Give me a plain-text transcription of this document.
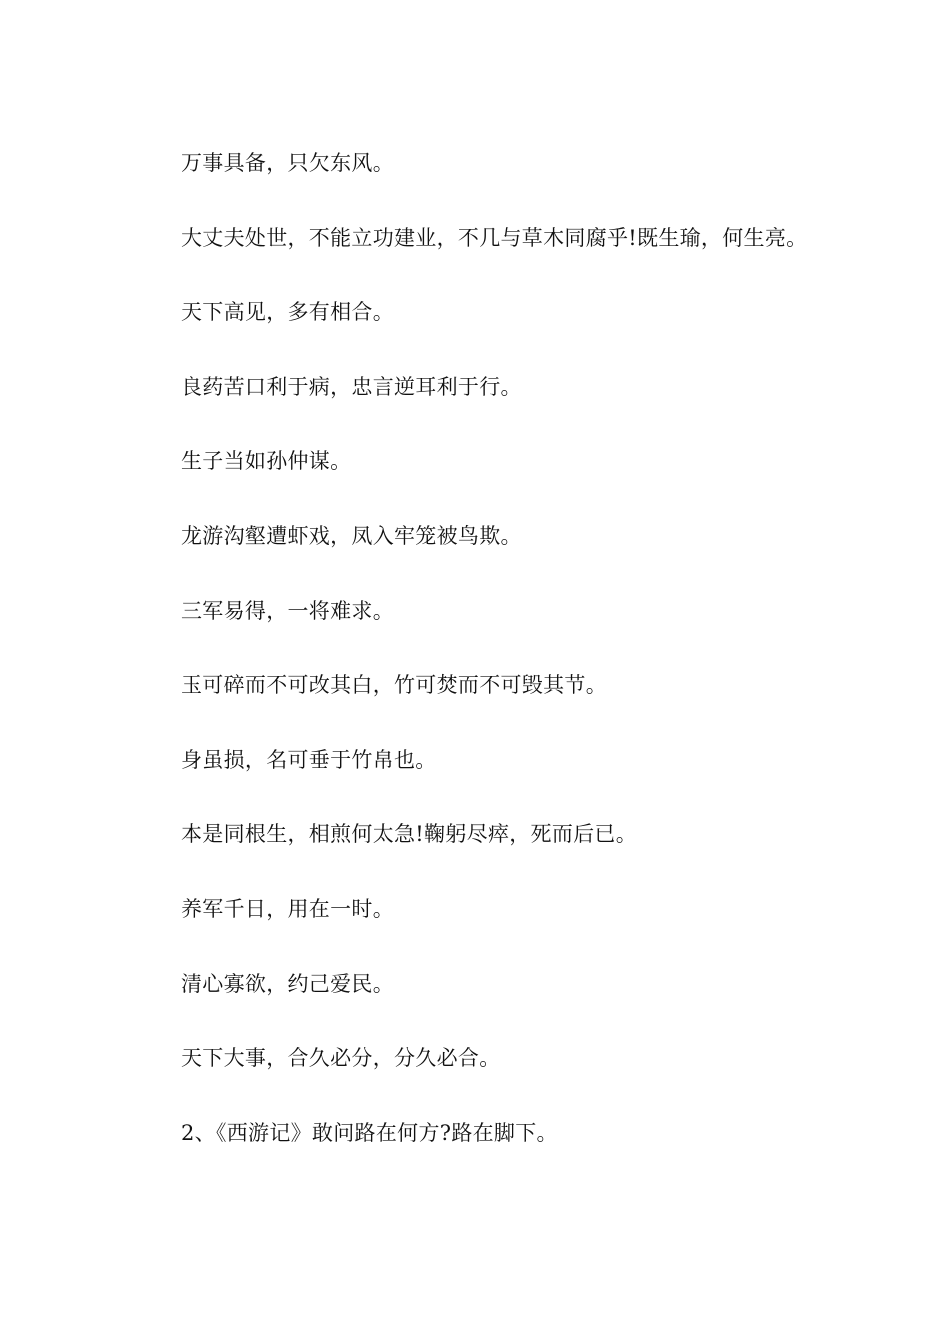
万事具备，只欠东风。

大丈夫处世，不能立功建业，不几与草木同腐乎!既生瑜，何生亮。

天下高见，多有相合。

良药苦口利于病，忠言逆耳利于行。

生子当如孙仲谋。

龙游沟壑遭虾戏，凤入牢笼被鸟欺。

三军易得，一将难求。

玉可碎而不可改其白，竹可焚而不可毁其节。

身虽损，名可垂于竹帛也。

本是同根生，相煎何太急!鞠躬尽瘁，死而后已。

养军千日，用在一时。

清心寡欲，约己爱民。

天下大事，合久必分，分久必合。

2、《西游记》敢问路在何方?路在脚下。
